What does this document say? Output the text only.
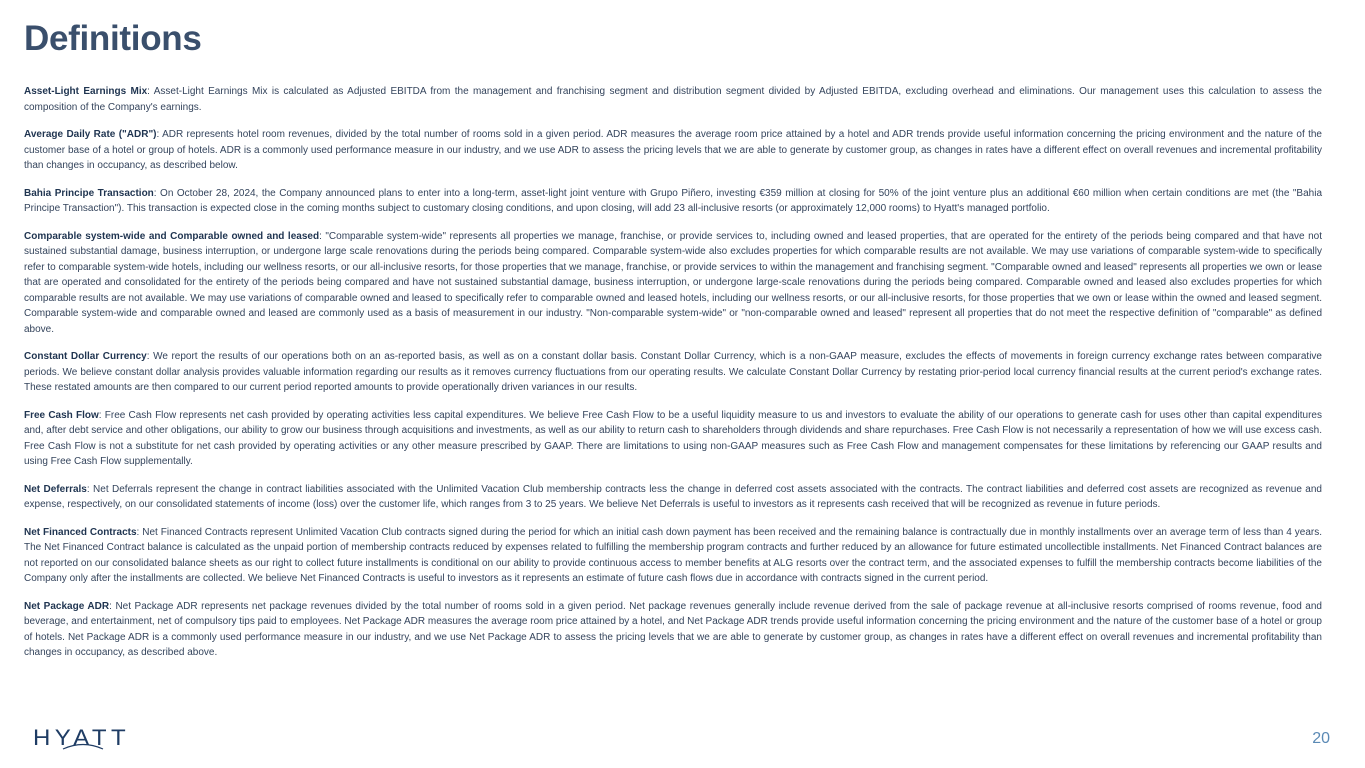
Definitions

Asset-Light Earnings Mix: Asset-Light Earnings Mix is calculated as Adjusted EBITDA from the management and franchising segment and distribution segment divided by Adjusted EBITDA, excluding overhead and eliminations. Our management uses this calculation to assess the composition of the Company's earnings.

Average Daily Rate ("ADR"): ADR represents hotel room revenues, divided by the total number of rooms sold in a given period. ADR measures the average room price attained by a hotel and ADR trends provide useful information concerning the pricing environment and the nature of the customer base of a hotel or group of hotels. ADR is a commonly used performance measure in our industry, and we use ADR to assess the pricing levels that we are able to generate by customer group, as changes in rates have a different effect on overall revenues and incremental profitability than changes in occupancy, as described below.

Bahia Principe Transaction: On October 28, 2024, the Company announced plans to enter into a long-term, asset-light joint venture with Grupo Piñero, investing €359 million at closing for 50% of the joint venture plus an additional €60 million when certain conditions are met (the "Bahia Principe Transaction"). This transaction is expected close in the coming months subject to customary closing conditions, and upon closing, will add 23 all-inclusive resorts (or approximately 12,000 rooms) to Hyatt's managed portfolio.

Comparable system-wide and Comparable owned and leased: "Comparable system-wide" represents all properties we manage, franchise, or provide services to, including owned and leased properties, that are operated for the entirety of the periods being compared and that have not sustained substantial damage, business interruption, or undergone large scale renovations during the periods being compared. Comparable system-wide also excludes properties for which comparable results are not available. We may use variations of comparable system-wide to specifically refer to comparable system-wide hotels, including our wellness resorts, or our all-inclusive resorts, for those properties that we manage, franchise, or provide services to within the management and franchising segment. "Comparable owned and leased" represents all properties we own or lease that are operated and consolidated for the entirety of the periods being compared and have not sustained substantial damage, business interruption, or undergone large-scale renovations during the periods being compared. Comparable owned and leased also excludes properties for which comparable results are not available. We may use variations of comparable owned and leased to specifically refer to comparable owned and leased hotels, including our wellness resorts, or our all-inclusive resorts, for those properties that we own or lease within the owned and leased segment. Comparable system-wide and comparable owned and leased are commonly used as a basis of measurement in our industry. "Non-comparable system-wide" or "non-comparable owned and leased" represent all properties that do not meet the respective definition of "comparable" as defined above.

Constant Dollar Currency: We report the results of our operations both on an as-reported basis, as well as on a constant dollar basis. Constant Dollar Currency, which is a non-GAAP measure, excludes the effects of movements in foreign currency exchange rates between comparative periods. We believe constant dollar analysis provides valuable information regarding our results as it removes currency fluctuations from our operating results. We calculate Constant Dollar Currency by restating prior-period local currency financial results at the current period's exchange rates. These restated amounts are then compared to our current period reported amounts to provide operationally driven variances in our results.

Free Cash Flow: Free Cash Flow represents net cash provided by operating activities less capital expenditures. We believe Free Cash Flow to be a useful liquidity measure to us and investors to evaluate the ability of our operations to generate cash for uses other than capital expenditures and, after debt service and other obligations, our ability to grow our business through acquisitions and investments, as well as our ability to return cash to shareholders through dividends and share repurchases. Free Cash Flow is not necessarily a representation of how we will use excess cash. Free Cash Flow is not a substitute for net cash provided by operating activities or any other measure prescribed by GAAP. There are limitations to using non-GAAP measures such as Free Cash Flow and management compensates for these limitations by referencing our GAAP results and using Free Cash Flow supplementally.

Net Deferrals: Net Deferrals represent the change in contract liabilities associated with the Unlimited Vacation Club membership contracts less the change in deferred cost assets associated with the contracts. The contract liabilities and deferred cost assets are recognized as revenue and expense, respectively, on our consolidated statements of income (loss) over the customer life, which ranges from 3 to 25 years. We believe Net Deferrals is useful to investors as it represents cash received that will be recognized as revenue in future periods.

Net Financed Contracts: Net Financed Contracts represent Unlimited Vacation Club contracts signed during the period for which an initial cash down payment has been received and the remaining balance is contractually due in monthly installments over an average term of less than 4 years. The Net Financed Contract balance is calculated as the unpaid portion of membership contracts reduced by expenses related to fulfilling the membership program contracts and further reduced by an allowance for future estimated uncollectible installments. Net Financed Contract balances are not reported on our consolidated balance sheets as our right to collect future installments is conditional on our ability to provide continuous access to member benefits at ALG resorts over the contract term, and the associated expenses to fulfill the membership contracts become liabilities of the Company only after the installments are collected. We believe Net Financed Contracts is useful to investors as it represents an estimate of future cash flows due in accordance with contracts signed in the current period.

Net Package ADR: Net Package ADR represents net package revenues divided by the total number of rooms sold in a given period. Net package revenues generally include revenue derived from the sale of package revenue at all-inclusive resorts comprised of rooms revenue, food and beverage, and entertainment, net of compulsory tips paid to employees. Net Package ADR measures the average room price attained by a hotel, and Net Package ADR trends provide useful information concerning the pricing environment and the nature of the customer base of a hotel or group of hotels. Net Package ADR is a commonly used performance measure in our industry, and we use Net Package ADR to assess the pricing levels that we are able to generate by customer group, as changes in rates have a different effect on overall revenues and incremental profitability than changes in occupancy, as described above.

HYATT	20
